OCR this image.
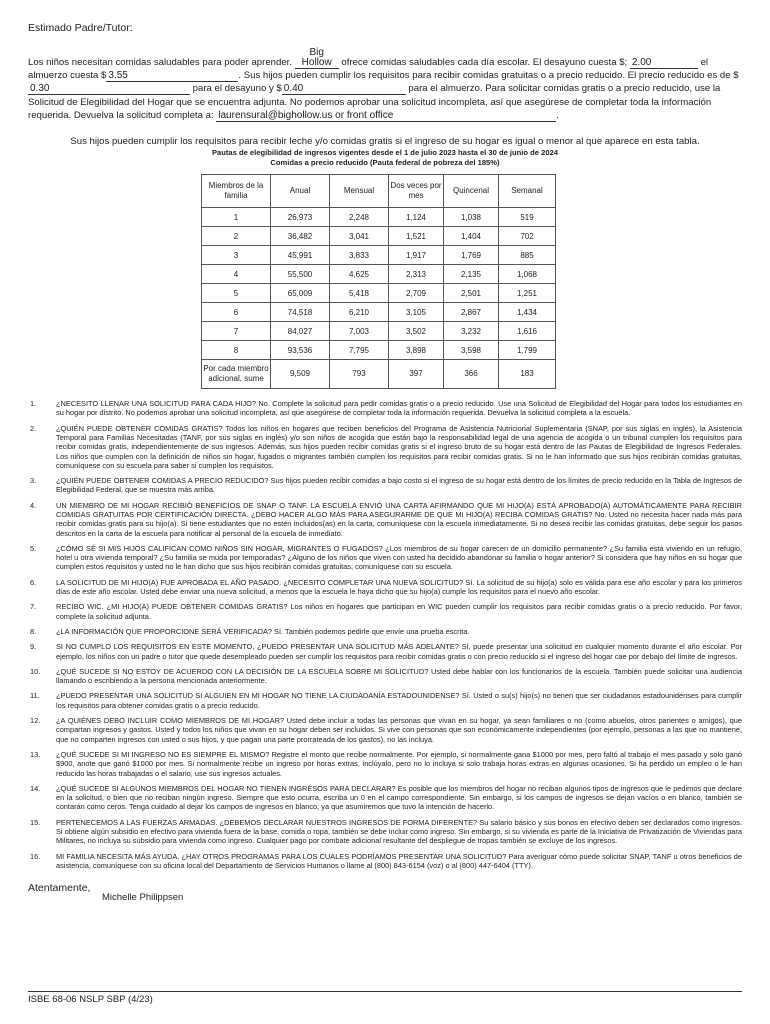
Estimado Padre/Tutor:
Los niños necesitan comidas saludables para poder aprender. Big Hollow ofrece comidas saludables cada día escolar. El desayuno cuesta $; 2.00	el almuerzo cuesta $ 3.55	. Sus hijos pueden cumplir los requisitos para recibir comidas gratuitas o a precio reducido. El precio reducido es de $0.30	para el desayuno y $ 0.40	para el almuerzo. Para solicitar comidas gratis o a precio reducido, use la Solicitud de Elegibilidad del Hogar que se encuentra adjunta. No podemos aprobar una solicitud incompleta, así que asegúrese de completar toda la información requerida. Devuelva la solicitud completa a: laurensural@bighollow.us or front office	.
Sus hijos pueden cumplir los requisitos para recibir leche y/o comidas gratis si el ingreso de su hogar es igual o menor al que aparece en esta tabla.
Pautas de elegibilidad de ingresos vigentes desde el 1 de julio 2023 hasta el 30 de junio de 2024
Comidas a precio reducido (Pauta federal de pobreza del 185%)
Miembros de la familia	Anual	Mensual	Dos veces por mes	Quincenal	Semanal
1	26,973	2,248	1,124	1,038	519
2	36,482	3,041	1,521	1,404	702
3	45,991	3,833	1,917	1,769	885
4	55,500	4,625	2,313	2,135	1,068
5	65,009	5,418	2,709	2,501	1,251
6	74,518	6,210	3,105	2,867	1,434
7	84,027	7,003	3,502	3,232	1,616
8	93,536	7,795	3,898	3,598	1,799
Por cada miembro adicional, sume	9,509	793	397	366	183
1.	¿NECESITO LLENAR UNA SOLICITUD PARA CADA HIJO? No. Complete la solicitud para pedir comidas gratis o a precio reducido. Use una Solicitud de Elegibilidad del Hogar para todos los estudiantes en su hogar por distrito. No podemos aprobar una solicitud incompleta, así que asegúrese de completar toda la información requerida. Devuelva la solicitud completa a la escuela.
2.	¿QUIÉN PUEDE OBTENER COMIDAS GRATIS? Todos los niños en hogares que reciben beneficios del Programa de Asistencia Nutricional Suplementaria (SNAP, por sus siglas en inglés), la Asistencia Temporal para Familias Necesitadas (TANF, por sus siglas en inglés) y/o son niños de acogida que están bajo la responsabilidad legal de una agencia de acogida o un tribunal cumplen los requisitos para recibir comidas gratis, independientemente de sus ingresos. Además, sus hijos pueden recibir comidas gratis si el ingreso bruto de su hogar está dentro de las Pautas de Elegibilidad de Ingresos Federales. Los niños que cumplen con la definición de niños sin hogar, fugados o migrantes también cumplen los requisitos para recibir comidas gratis. Si no le han informado que sus hijos recibirán comidas gratuitas, comuníquese con su escuela para saber si cumplen los requisitos.
3.	¿QUIÉN PUEDE OBTENER COMIDAS A PRECIO REDUCIDO? Sus hijos pueden recibir comidas a bajo costo si el ingreso de su hogar está dentro de los límites de precio reducido en la Tabla de Ingresos de Elegibilidad Federal, que se muestra más arriba.
4.	UN MIEMBRO DE MI HOGAR RECIBIÓ BENEFICIOS DE SNAP O TANF. LA ESCUELA ENVIÓ UNA CARTA AFIRMANDO QUE MI HIJO(A) ESTÁ APROBADO(A) AUTOMÁTICAMENTE PARA RECIBIR COMIDAS GRATUITAS POR CERTIFICACIÓN DIRECTA. ¿DEBO HACER ALGO MÁS PARA ASEGURARME DE QUE MI HIJO(A) RECIBA COMIDAS GRATIS? No. Usted no necesita hacer nada más para recibir comidas gratis para su hijo(a). Si tiene estudiantes que no estén incluidos(as) en la carta, comuníquese con la escuela inmediatamente. Si no desea recibir las comidas gratuitas, debe seguir los pasos descritos en la carta de la escuela para notificar al personal de la escuela de inmediato.
5.	¿CÓMO SÉ SI MIS HIJOS CALIFICAN COMO NIÑOS SIN HOGAR, MIGRANTES O FUGADOS? ¿Los miembros de su hogar carecen de un domicilio permanente? ¿Su familia está viviendo en un refugio, hotel u otra vivienda temporal? ¿Su familia se muda por temporadas? ¿Alguno de los niños que viven con usted ha decidido abandonar su familia o hogar anterior? Si considera que hay niños en su hogar que cumplen estos requisitos y usted no le han dicho que sus hijos recibirán comidas gratuitas, comuníquese con su escuela.
6.	LA SOLICITUD DE MI HIJO(A) FUE APROBADA EL AÑO PASADO. ¿NECESITO COMPLETAR UNA NUEVA SOLICITUD? Sí. La solicitud de su hijo(a) solo es válida para ese año escolar y para los primeros días de este año escolar. Usted debe enviar una nueva solicitud, a menos que la escuela le haya dicho que su hijo(a) cumple los requisitos para el nuevo año escolar.
7.	RECIBO WIC. ¿MI HIJO(A) PUEDE OBTENER COMIDAS GRATIS? Los niños en hogares que participan en WIC pueden cumplir los requisitos para recibir comidas gratis o a precio reducido. Por favor, complete la solicitud adjunta.
8.	¿LA INFORMACIÓN QUE PROPORCIONE SERÁ VERIFICADA? Sí. También podemos pedirle que envíe una prueba escrita.
9.	SI NO CUMPLO LOS REQUISITOS EN ESTE MOMENTO, ¿PUEDO PRESENTAR UNA SOLICITUD MÁS ADELANTE? Sí, puede presentar una solicitud en cualquier momento durante el año escolar. Por ejemplo, los niños con un padre o tutor que quede desempleado pueden ser cumplir los requisitos para recibir comidas gratis o con precio reducido si el ingreso del hogar cae por debajo del límite de ingresos.
10. ¿QUÉ SUCEDE SI NO ESTOY DE ACUERDO CON LA DECISIÓN DE LA ESCUELA SOBRE MI SOLICITUD? Usted debe hablar con los funcionarios de la escuela. También puede solicitar una audiencia llamando o escribiendo a la persona mencionada anteriormente.
11. ¿PUEDO PRESENTAR UNA SOLICITUD SI ALGUIEN EN MI HOGAR NO TIENE LA CIUDADANÍA ESTADOUNIDENSE? Sí. Usted o su(s) hijo(s) no tienen que ser ciudadanos estadounidenses para cumplir los requisitos para obtener comidas gratis o a precio reducido.
12. ¿A QUIÉNES DEBO INCLUIR COMO MIEMBROS DE MI HOGAR? Usted debe incluir a todas las personas que vivan en su hogar, ya sean familiares o no (como abuelos, otros parientes o amigos), que compartan ingresos y gastos. Usted y todos los niños que vivan en su hogar deben ser incluidos. Si vive con personas que son económicamente independientes (por ejemplo, personas a las que no mantiene, que no comparten ingresos con usted o sus hijos, y que pagan una parte prorrateada de los gastos), no las incluya.
13. ¿QUÉ SUCEDE SI MI INGRESO NO ES SIEMPRE EL MISMO? Registre el monto que recibe normalmente. Por ejemplo, si normalmente gana $1000 por mes, pero faltó al trabajo el mes pasado y solo ganó $900, anote que ganó $1000 por mes. Si normalmente recibe un ingreso por horas extras, inclúyalo, pero no lo incluya si solo trabaja horas extras en algunas ocasiones. Si ha perdido un empleo o le han reducido las horas trabajadas o el salario, use sus ingresos actuales.
14. ¿QUÉ SUCEDE SI ALGUNOS MIEMBROS DEL HOGAR NO TIENEN INGRESOS PARA DECLARAR? Es posible que los miembros del hogar no reciban algunos tipos de ingresos que le pedimos que declare en la solicitud, o bien que no reciban ningún ingreso. Siempre que esto ocurra, escriba un 0 en el campo correspondiente. Sin embargo, si los campos de ingresos se dejan vacíos o en blanco, también se contarán como ceros. Tenga cuidado al dejar los campos de ingresos en blanco, ya que asumiremos que tuvo la intención de hacerlo.
15. PERTENECEMOS A LAS FUERZAS ARMADAS. ¿DEBEMOS DECLARAR NUESTROS INGRESOS DE FORMA DIFERENTE? Su salario básico y sus bonos en efectivo deben ser declarados como ingresos. Si obtiene algún subsidio en efectivo para vivienda fuera de la base, comida o ropa, también se debe incluir como ingreso. Sin embargo, si su vivienda es parte de la Iniciativa de Privatización de Viviendas para Militares, no incluya su subsidio para vivienda como ingreso. Cualquier pago por combate adicional resultante del despliegue de tropas también se excluye de los ingresos.
16. MI FAMILIA NECESITA MÁS AYUDA. ¿HAY OTROS PROGRAMAS PARA LOS CUALES PODRÍAMOS PRESENTAR UNA SOLICITUD? Para averiguar cómo puede solicitar SNAP, TANF u otros beneficios de asistencia, comuníquese con su oficina local del Departamento de Servicios Humanos o llame al (800) 843-6154 (voz) o al (800) 447-6404 (TTY).
Atentamente,
Michelle Philippsen
ISBE 68-06 NSLP SBP (4/23)
